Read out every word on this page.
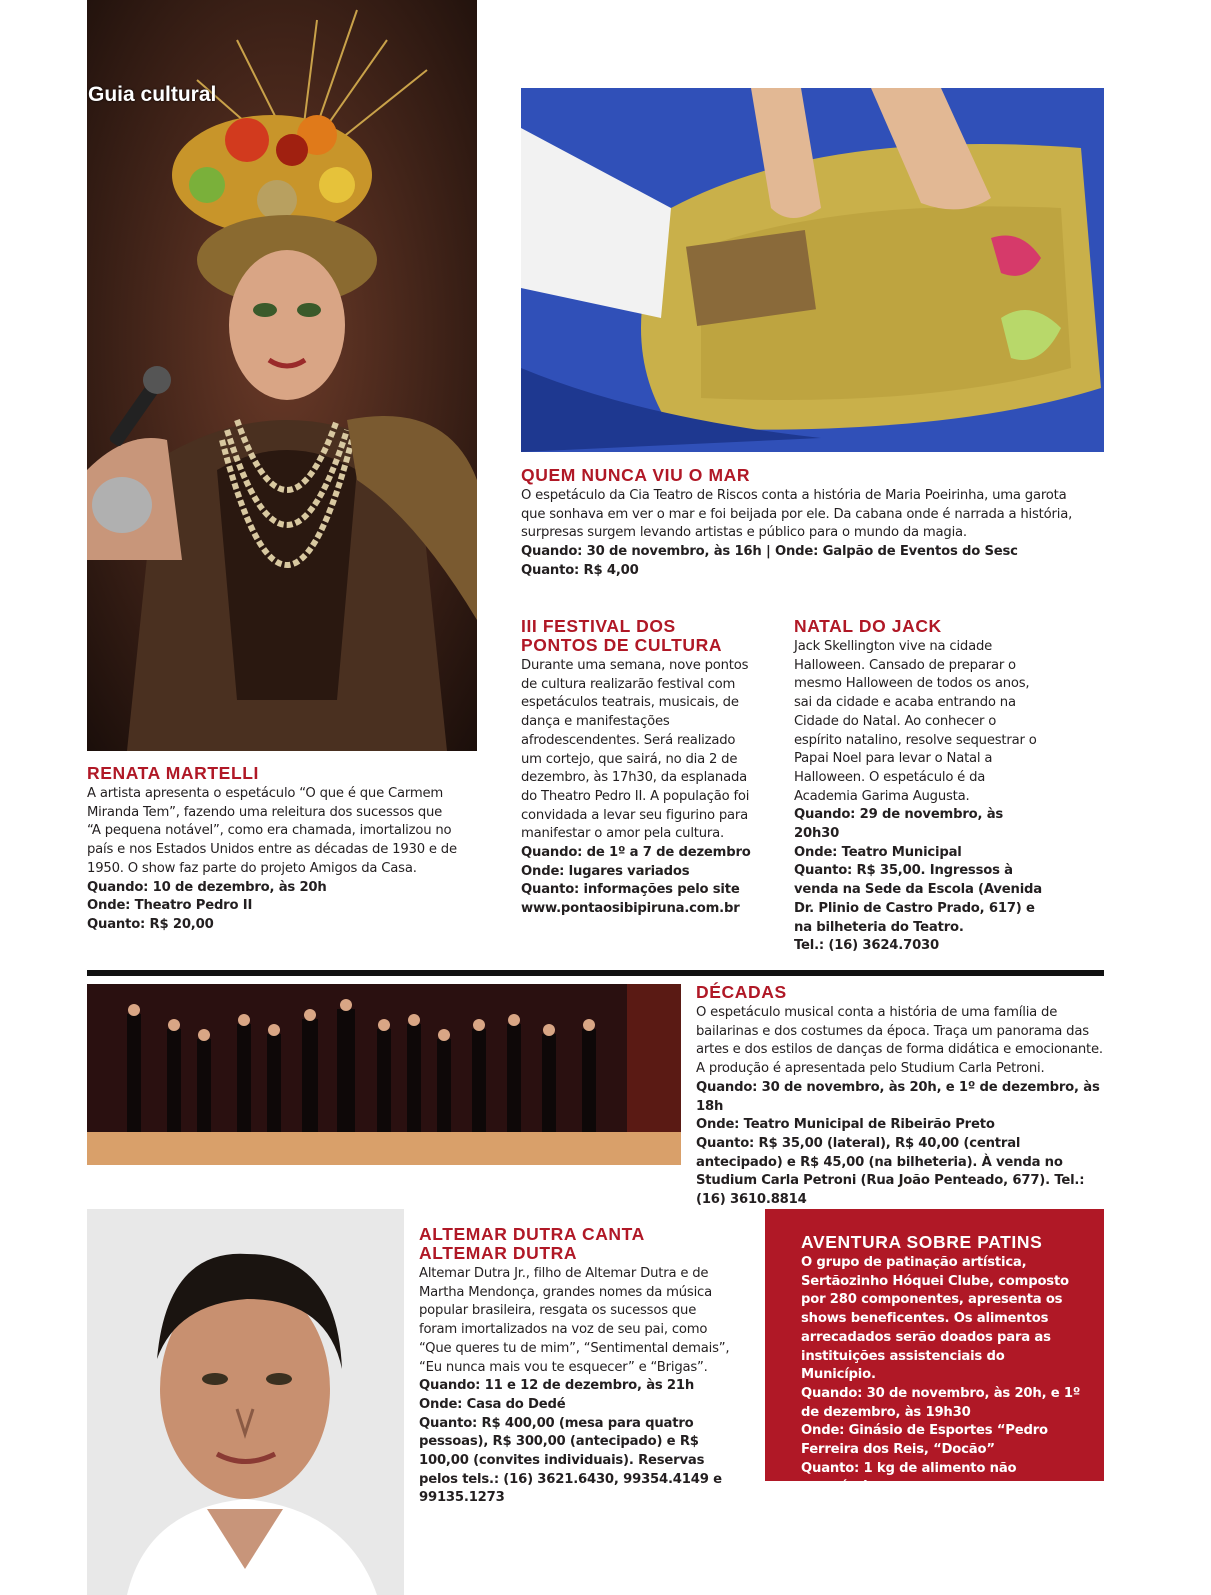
Guia cultural

QUEM NUNCA VIU O MAR

O espetáculo da Cia Teatro de Riscos conta a história de Maria Poeirinha, uma garota que sonhava em ver o mar e foi beijada por ele. Da cabana onde é narrada a história, surpresas surgem levando artistas e público para o mundo da magia.

Quando: 30 de novembro, às 16h | Onde: Galpão de Eventos do Sesc

Quanto: R$ 4,00

III FESTIVAL DOS PONTOS DE CULTURA

Durante uma semana, nove pontos de cultura realizarão festival com espetáculos teatrais, musicais, de dança e manifestações afrodescendentes. Será realizado um cortejo, que sairá, no dia 2 de dezembro, às 17h30, da esplanada do Theatro Pedro II. A população foi convidada a levar seu figurino para manifestar o amor pela cultura.

Quando: de 1º a 7 de dezembro

Onde: lugares variados

Quanto: informações pelo site

www.pontaosibipiruna.com.br

NATAL DO JACK

Jack Skellington vive na cidade Halloween. Cansado de preparar o mesmo Halloween de todos os anos, sai da cidade e acaba entrando na Cidade do Natal. Ao conhecer o espírito natalino, resolve sequestrar o Papai Noel para levar o Natal a Halloween. O espetáculo é da Academia Garima Augusta.

Quando: 29 de novembro, às 20h30

Onde: Teatro Municipal

Quanto: R$ 35,00. Ingressos à venda na Sede da Escola (Avenida Dr. Plinio de Castro Prado, 617) e na bilheteria do Teatro.

Tel.: (16) 3624.7030

RENATA MARTELLI

A artista apresenta o espetáculo “O que é que Carmem Miranda Tem”, fazendo uma releitura dos sucessos que “A pequena notável”, como era chamada, imortalizou no país e nos Estados Unidos entre as décadas de 1930 e de 1950. O show faz parte do projeto Amigos da Casa.

Quando: 10 de dezembro, às 20h

Onde: Theatro Pedro II

Quanto: R$ 20,00

DÉCADAS

O espetáculo musical conta a história de uma família de bailarinas e dos costumes da época. Traça um panorama das artes e dos estilos de danças de forma didática e emocionante. A produção é apresentada pelo Studium Carla Petroni.

Quando: 30 de novembro, às 20h, e 1º de dezembro, às 18h

Onde: Teatro Municipal de Ribeirão Preto

Quanto: R$ 35,00 (lateral), R$ 40,00 (central antecipado) e R$ 45,00 (na bilheteria). À venda no Studium Carla Petroni (Rua João Penteado, 677). Tel.: (16) 3610.8814

ALTEMAR DUTRA CANTA ALTEMAR DUTRA

Altemar Dutra Jr., filho de Altemar Dutra e de Martha Mendonça, grandes nomes da música popular brasileira, resgata os sucessos que foram imortalizados na voz de seu pai, como “Que queres tu de mim”, “Sentimental demais”, “Eu nunca mais vou te esquecer” e “Brigas”.

Quando: 11 e 12 de dezembro, às 21h

Onde: Casa do Dedé

Quanto: R$ 400,00 (mesa para quatro pessoas), R$ 300,00 (antecipado) e R$ 100,00 (convites individuais). Reservas pelos tels.: (16) 3621.6430, 99354.4149 e 99135.1273

AVENTURA SOBRE PATINS

O grupo de patinação artística, Sertãozinho Hóquei Clube, composto por 280 componentes, apresenta os shows beneficentes. Os alimentos arrecadados serão doados para as instituições assistenciais do Município.

Quando: 30 de novembro, às 20h, e 1º de dezembro, às 19h30

Onde: Ginásio de Esportes “Pedro Ferreira dos Reis, “Docão”

Quanto: 1 kg de alimento não perecível
